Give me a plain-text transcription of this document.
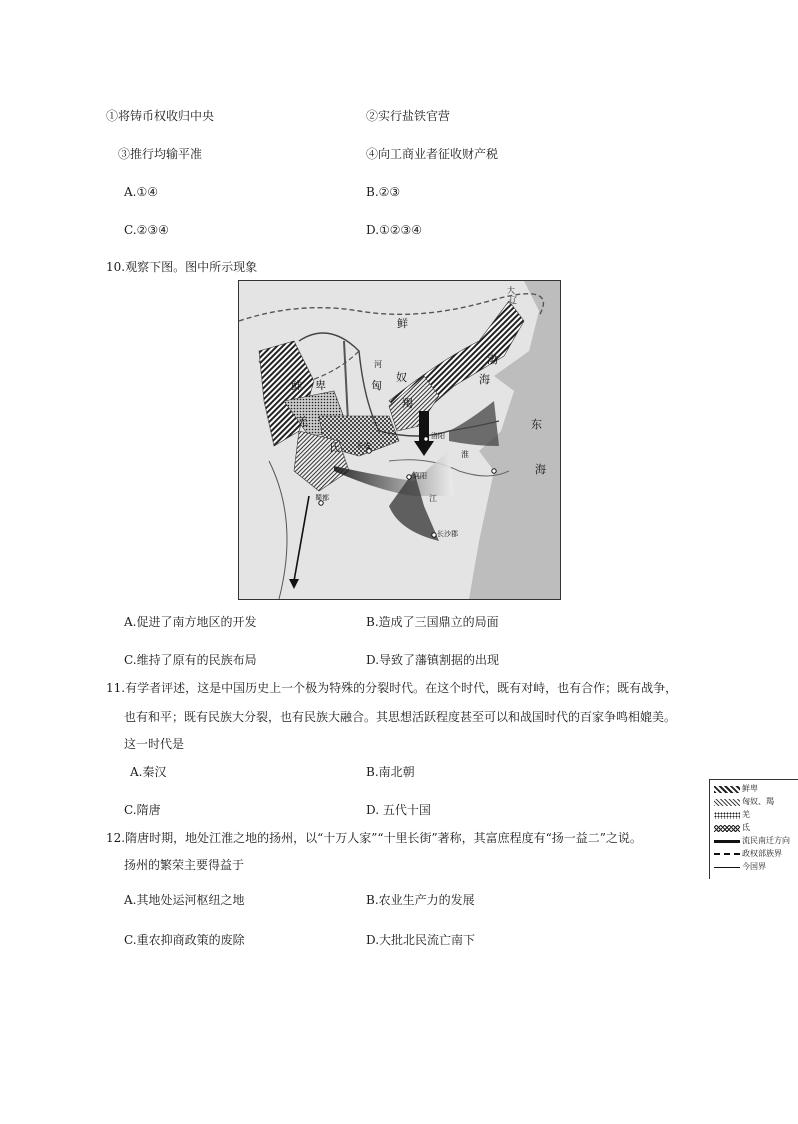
①将铸币权收归中央	②实行盐铁官营
③推行均输平准	④向工商业者征收财产税
A.①④	B.②③
C.②③④	D.①②③④
10.观察下图。图中所示现象
鲜
卑	匈
奴
羯
羌
氐
鲜	海
渤
东
海
河
淮
江
大
辽
洛阳
长安
襄阳
蜀都
长沙郡
鲜卑
匈奴、羯
羌
氐
流民南迁方向
政权部族界
今国界
A.促进了南方地区的开发	B.造成了三国鼎立的局面
C.维持了原有的民族布局	D.导致了藩镇割据的出现
11.有学者评述，这是中国历史上一个极为特殊的分裂时代。在这个时代，既有对峙，也有合作；既有战争，
也有和平；既有民族大分裂，也有民族大融合。其思想活跃程度甚至可以和战国时代的百家争鸣相媲美。
这一时代是
A.秦汉	B.南北朝
C.隋唐	D. 五代十国
12.隋唐时期，地处江淮之地的扬州，以“十万人家”“十里长街”著称，其富庶程度有“扬一益二”之说。
扬州的繁荣主要得益于
A.其地处运河枢纽之地	B.农业生产力的发展
C.重农抑商政策的废除	D.大批北民流亡南下
